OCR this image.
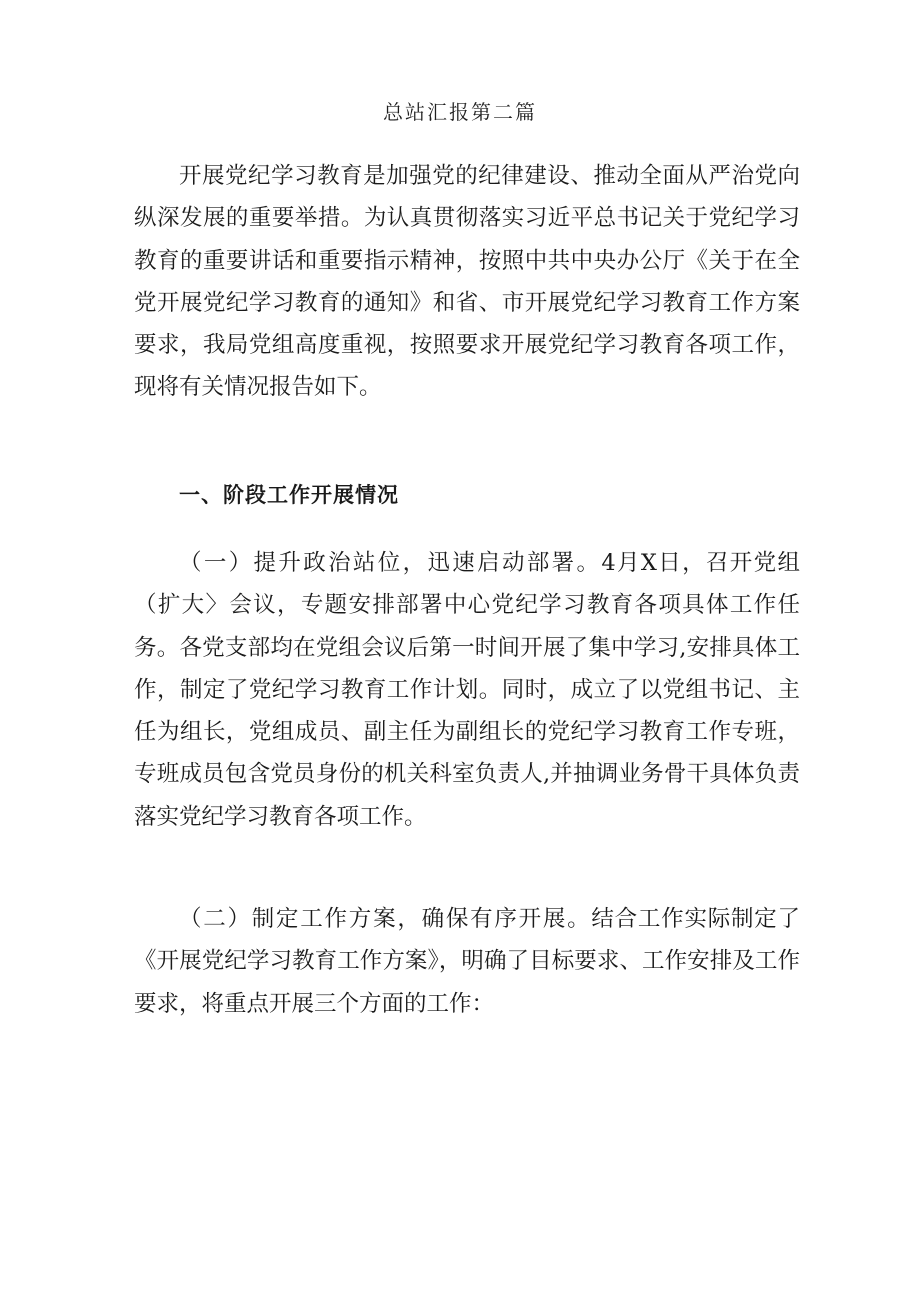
总站汇报第二篇

开展党纪学习教育是加强党的纪律建设、推动全面从严治党向纵深发展的重要举措。为认真贯彻落实习近平总书记关于党纪学习教育的重要讲话和重要指示精神，按照中共中央办公厅《关于在全党开展党纪学习教育的通知》和省、市开展党纪学习教育工作方案要求，我局党组高度重视，按照要求开展党纪学习教育各项工作，现将有关情况报告如下。

一、阶段工作开展情况

（一）提升政治站位，迅速启动部署。4月X日，召开党组（扩大〉会议，专题安排部署中心党纪学习教育各项具体工作任务。各党支部均在党组会议后第一时间开展了集中学习,安排具体工作，制定了党纪学习教育工作计划。同时，成立了以党组书记、主任为组长，党组成员、副主任为副组长的党纪学习教育工作专班，专班成员包含党员身份的机关科室负责人,并抽调业务骨干具体负责落实党纪学习教育各项工作。

（二）制定工作方案，确保有序开展。结合工作实际制定了《开展党纪学习教育工作方案》，明确了目标要求、工作安排及工作要求，将重点开展三个方面的工作：
